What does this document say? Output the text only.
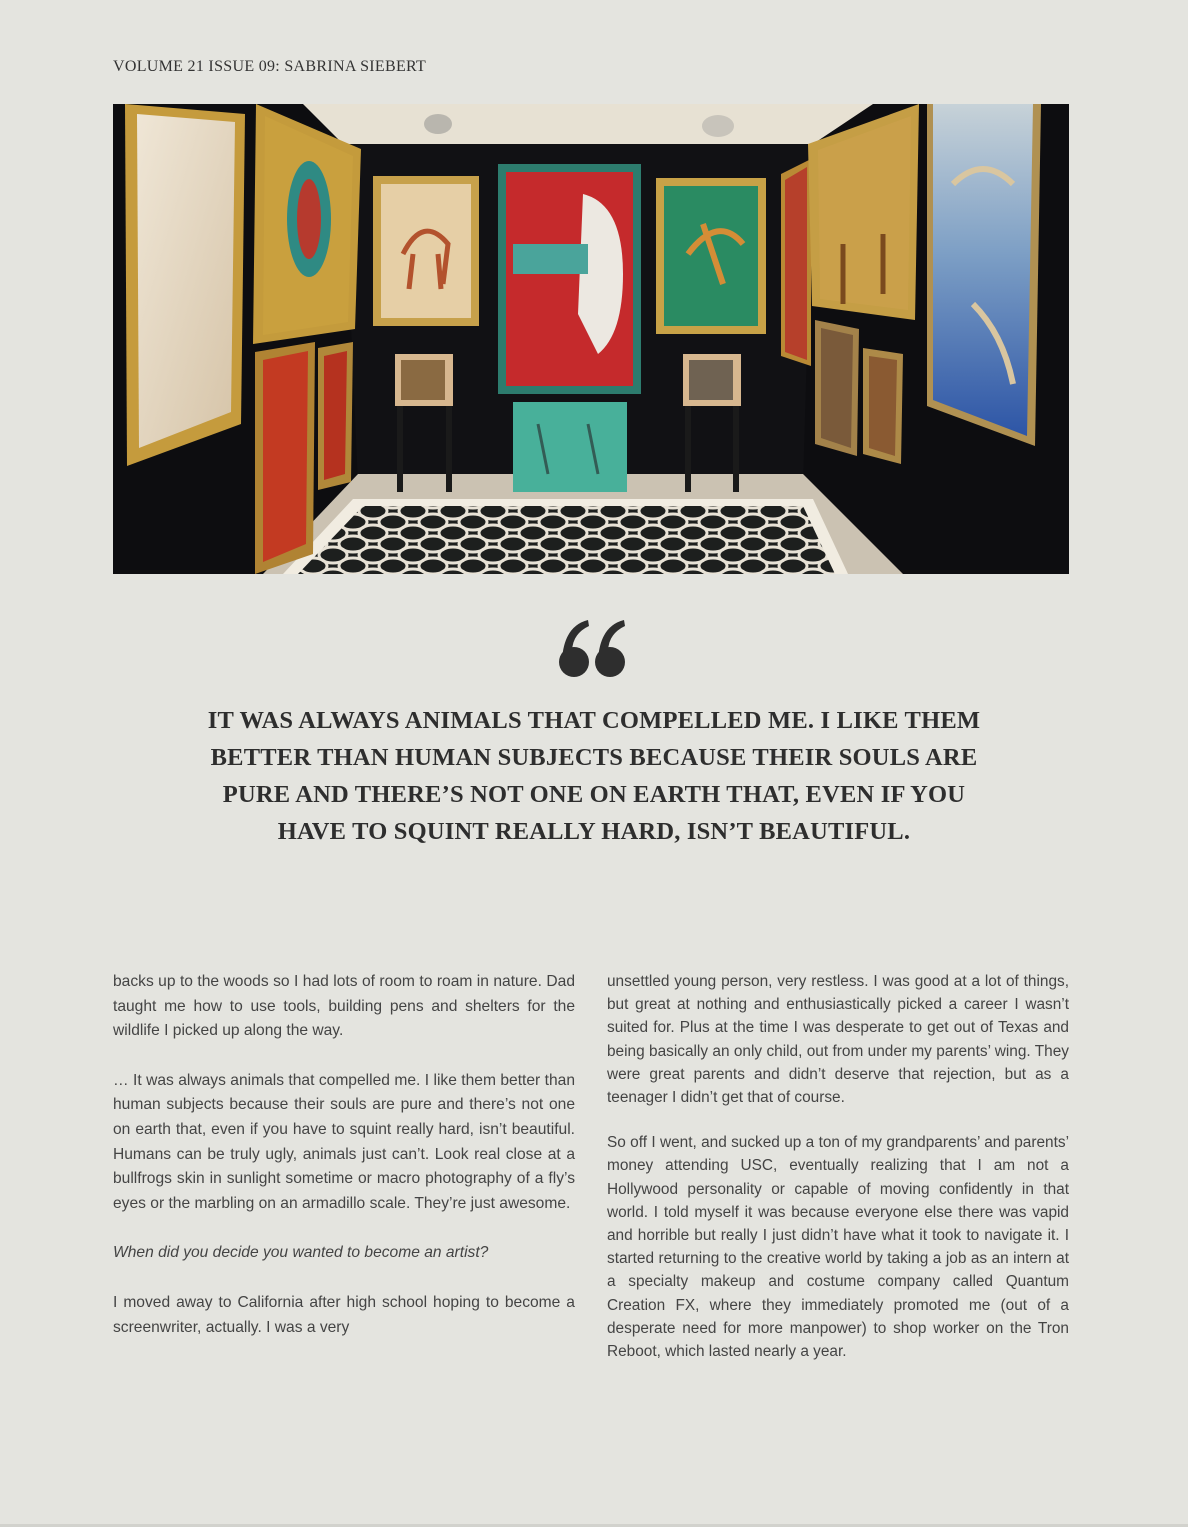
VOLUME 21 ISSUE 09: SABRINA SIEBERT
IT WAS ALWAYS ANIMALS THAT COMPELLED ME. I LIKE THEM BETTER THAN HUMAN SUBJECTS BECAUSE THEIR SOULS ARE PURE AND THERE’S NOT ONE ON EARTH THAT, EVEN IF YOU HAVE TO SQUINT REALLY HARD, ISN’T BEAUTIFUL.

backs up to the woods so I had lots of room to roam in nature. Dad taught me how to use tools, building pens and shelters for the wildlife I picked up along the way.

… It was always animals that compelled me. I like them better than human subjects because their souls are pure and there’s not one on earth that, even if you have to squint really hard, isn’t beautiful. Humans can be truly ugly, animals just can’t. Look real close at a bullfrogs skin in sunlight sometime or macro photography of a fly’s eyes or the marbling on an armadillo scale. They’re just awesome.

When did you decide you wanted to become an artist?

I moved away to California after high school hoping to become a screenwriter, actually. I was a very

unsettled young person, very restless. I was good at a lot of things, but great at nothing and enthusiastically picked a career I wasn’t suited for. Plus at the time I was desperate to get out of Texas and being basically an only child, out from under my parents’ wing. They were great parents and didn’t deserve that rejection, but as a teenager I didn’t get that of course.

So off I went, and sucked up a ton of my grandparents’ and parents’ money attending USC, eventually realizing that I am not a Hollywood personality or capable of moving confidently in that world. I told myself it was because everyone else there was vapid and horrible but really I just didn’t have what it took to navigate it. I started returning to the creative world by taking a job as an intern at a specialty makeup and costume company called Quantum Creation FX, where they immediately promoted me (out of a desperate need for more manpower) to shop worker on the Tron Reboot, which lasted nearly a year.
